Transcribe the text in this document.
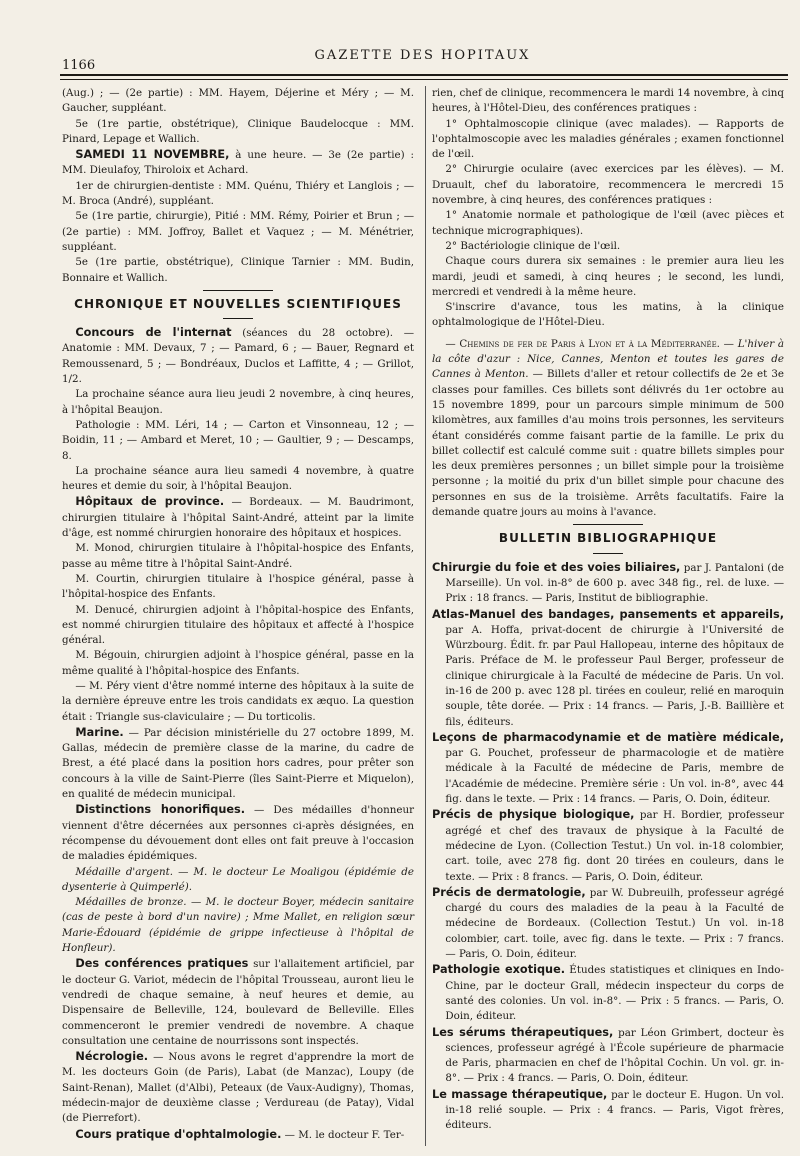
1166
GAZETTE DES HOPITAUX

(Aug.) ; — (2e partie) : MM. Hayem, Déjerine et Méry ; — M. Gaucher, suppléant.

5e (1re partie, obstétrique), Clinique Baudelocque : MM. Pinard, Lepage et Wallich.

SAMEDI 11 NOVEMBRE, à une heure. — 3e (2e partie) : MM. Dieulafoy, Thiroloix et Achard.

1er de chirurgien-dentiste : MM. Quénu, Thiéry et Langlois ; — M. Broca (André), suppléant.

5e (1re partie, chirurgie), Pitié : MM. Rémy, Poirier et Brun ; — (2e partie) : MM. Joffroy, Ballet et Vaquez ; — M. Ménétrier, suppléant.

5e (1re partie, obstétrique), Clinique Tarnier : MM. Budin, Bonnaire et Wallich.

CHRONIQUE ET NOUVELLES SCIENTIFIQUES

Concours de l'internat (séances du 28 octobre). — Anatomie : MM. Devaux, 7 ; — Pamard, 6 ; — Bauer, Regnard et Remoussenard, 5 ; — Bondréaux, Duclos et Laffitte, 4 ; — Grillot, 1/2.

La prochaine séance aura lieu jeudi 2 novembre, à cinq heures, à l'hôpital Beaujon.

Pathologie : MM. Léri, 14 ; — Carton et Vinsonneau, 12 ; — Boidin, 11 ; — Ambard et Meret, 10 ; — Gaultier, 9 ; — Descamps, 8.

La prochaine séance aura lieu samedi 4 novembre, à quatre heures et demie du soir, à l'hôpital Beaujon.

Hôpitaux de province. — Bordeaux. — M. Baudrimont, chirurgien titulaire à l'hôpital Saint-André, atteint par la limite d'âge, est nommé chirurgien honoraire des hôpitaux et hospices.

M. Monod, chirurgien titulaire à l'hôpital-hospice des Enfants, passe au même titre à l'hôpital Saint-André.

M. Courtin, chirurgien titulaire à l'hospice général, passe à l'hôpital-hospice des Enfants.

M. Denucé, chirurgien adjoint à l'hôpital-hospice des Enfants, est nommé chirurgien titulaire des hôpitaux et affecté à l'hospice général.

M. Bégouin, chirurgien adjoint à l'hospice général, passe en la même qualité à l'hôpital-hospice des Enfants.

— M. Péry vient d'être nommé interne des hôpitaux à la suite de la dernière épreuve entre les trois candidats ex æquo. La question était : Triangle sus-claviculaire ; — Du torticolis.

Marine. — Par décision ministérielle du 27 octobre 1899, M. Gallas, médecin de première classe de la marine, du cadre de Brest, a été placé dans la position hors cadres, pour prêter son concours à la ville de Saint-Pierre (îles Saint-Pierre et Miquelon), en qualité de médecin municipal.

Distinctions honorifiques. — Des médailles d'honneur viennent d'être décernées aux personnes ci-après désignées, en récompense du dévouement dont elles ont fait preuve à l'occasion de maladies épidémiques.

Médaille d'argent. — M. le docteur Le Moaligou (épidémie de dysenterie à Quimperlé).

Médailles de bronze. — M. le docteur Boyer, médecin sanitaire (cas de peste à bord d'un navire) ; Mme Mallet, en religion sœur Marie-Édouard (épidémie de grippe infectieuse à l'hôpital de Honfleur).

Des conférences pratiques sur l'allaitement artificiel, par le docteur G. Variot, médecin de l'hôpital Trousseau, auront lieu le vendredi de chaque semaine, à neuf heures et demie, au Dispensaire de Belleville, 124, boulevard de Belleville. Elles commenceront le premier vendredi de novembre. A chaque consultation une centaine de nourrissons sont inspectés.

Nécrologie. — Nous avons le regret d'apprendre la mort de M. les docteurs Goin (de Paris), Labat (de Manzac), Loupy (de Saint-Renan), Mallet (d'Albi), Peteaux (de Vaux-Audigny), Thomas, médecin-major de deuxième classe ; Verdureau (de Patay), Vidal (de Pierrefort).

Cours pratique d'ophtalmologie. — M. le docteur F. Ter-

rien, chef de clinique, recommencera le mardi 14 novembre, à cinq heures, à l'Hôtel-Dieu, des conférences pratiques :

1° Ophtalmoscopie clinique (avec malades). — Rapports de l'ophtalmoscopie avec les maladies générales ; examen fonctionnel de l'œil.

2° Chirurgie oculaire (avec exercices par les élèves). — M. Druault, chef du laboratoire, recommencera le mercredi 15 novembre, à cinq heures, des conférences pratiques :

1° Anatomie normale et pathologique de l'œil (avec pièces et technique micrographiques).

2° Bactériologie clinique de l'œil.

Chaque cours durera six semaines : le premier aura lieu les mardi, jeudi et samedi, à cinq heures ; le second, les lundi, mercredi et vendredi à la même heure.

S'inscrire d'avance, tous les matins, à la clinique ophtalmologique de l'Hôtel-Dieu.

— Chemins de fer de Paris à Lyon et à la Méditerranée. — L'hiver à la côte d'azur : Nice, Cannes, Menton et toutes les gares de Cannes à Menton. — Billets d'aller et retour collectifs de 2e et 3e classes pour familles. Ces billets sont délivrés du 1er octobre au 15 novembre 1899, pour un parcours simple minimum de 500 kilomètres, aux familles d'au moins trois personnes, les serviteurs étant considérés comme faisant partie de la famille. Le prix du billet collectif est calculé comme suit : quatre billets simples pour les deux premières personnes ; un billet simple pour la troisième personne ; la moitié du prix d'un billet simple pour chacune des personnes en sus de la troisième. Arrêts facultatifs. Faire la demande quatre jours au moins à l'avance.

BULLETIN BIBLIOGRAPHIQUE

Chirurgie du foie et des voies biliaires, par J. Pantaloni (de Marseille). Un vol. in-8° de 600 p. avec 348 fig., rel. de luxe. — Prix : 18 francs. — Paris, Institut de bibliographie.

Atlas-Manuel des bandages, pansements et appareils, par A. Hoffa, privat-docent de chirurgie à l'Université de Würzbourg. Édit. fr. par Paul Hallopeau, interne des hôpitaux de Paris. Préface de M. le professeur Paul Berger, professeur de clinique chirurgicale à la Faculté de médecine de Paris. Un vol. in-16 de 200 p. avec 128 pl. tirées en couleur, relié en maroquin souple, tête dorée. — Prix : 14 francs. — Paris, J.-B. Baillière et fils, éditeurs.

Leçons de pharmacodynamie et de matière médicale, par G. Pouchet, professeur de pharmacologie et de matière médicale à la Faculté de médecine de Paris, membre de l'Académie de médecine. Première série : Un vol. in-8°, avec 44 fig. dans le texte. — Prix : 14 francs. — Paris, O. Doin, éditeur.

Précis de physique biologique, par H. Bordier, professeur agrégé et chef des travaux de physique à la Faculté de médecine de Lyon. (Collection Testut.) Un vol. in-18 colombier, cart. toile, avec 278 fig. dont 20 tirées en couleurs, dans le texte. — Prix : 8 francs. — Paris, O. Doin, éditeur.

Précis de dermatologie, par W. Dubreuilh, professeur agrégé chargé du cours des maladies de la peau à la Faculté de médecine de Bordeaux. (Collection Testut.) Un vol. in-18 colombier, cart. toile, avec fig. dans le texte. — Prix : 7 francs. — Paris, O. Doin, éditeur.

Pathologie exotique. Études statistiques et cliniques en Indo-Chine, par le docteur Grall, médecin inspecteur du corps de santé des colonies. Un vol. in-8°. — Prix : 5 francs. — Paris, O. Doin, éditeur.

Les sérums thérapeutiques, par Léon Grimbert, docteur ès sciences, professeur agrégé à l'École supérieure de pharmacie de Paris, pharmacien en chef de l'hôpital Cochin. Un vol. gr. in-8°. — Prix : 4 francs. — Paris, O. Doin, éditeur.

Le massage thérapeutique, par le docteur E. Hugon. Un vol. in-18 relié souple. — Prix : 4 francs. — Paris, Vigot frères, éditeurs.
